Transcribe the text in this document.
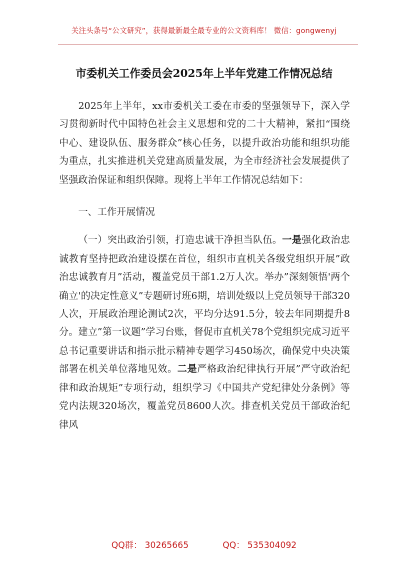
关注头条号“公文研究”，获得最新最全最专业的公文资料库！ 微信：gongwenyj
市委机关工作委员会2025年上半年党建工作情况总结

2025年上半年，xx市委机关工委在市委的坚强领导下，深入学习贯彻新时代中国特色社会主义思想和党的二十大精神，紧扣“围绕中心、建设队伍、服务群众”核心任务，以提升政治功能和组织功能为重点，扎实推进机关党建高质量发展，为全市经济社会发展提供了坚强政治保证和组织保障。现将上半年工作情况总结如下：

一、工作开展情况

（一）突出政治引领，打造忠诚干净担当队伍。一是强化政治忠诚教育坚持把政治建设摆在首位，组织市直机关各级党组织开展”政治忠诚教育月”活动，覆盖党员干部1.2万人次。举办”深刻领悟'两个确立'的决定性意义”专题研讨班6期，培训处级以上党员领导干部320人次，开展政治理论测试2次，平均分达91.5分，较去年同期提升8分。建立”第一议题”学习台账，督促市直机关78个党组织完成习近平总书记重要讲话和指示批示精神专题学习450场次，确保党中央决策部署在机关单位落地见效。二是严格政治纪律执行开展”严守政治纪律和政治规矩”专项行动，组织学习《中国共产党纪律处分条例》等党内法规320场次，覆盖党员8600人次。排查机关党员干部政治纪律风

QQ群： 30265665	QQ： 535304092
